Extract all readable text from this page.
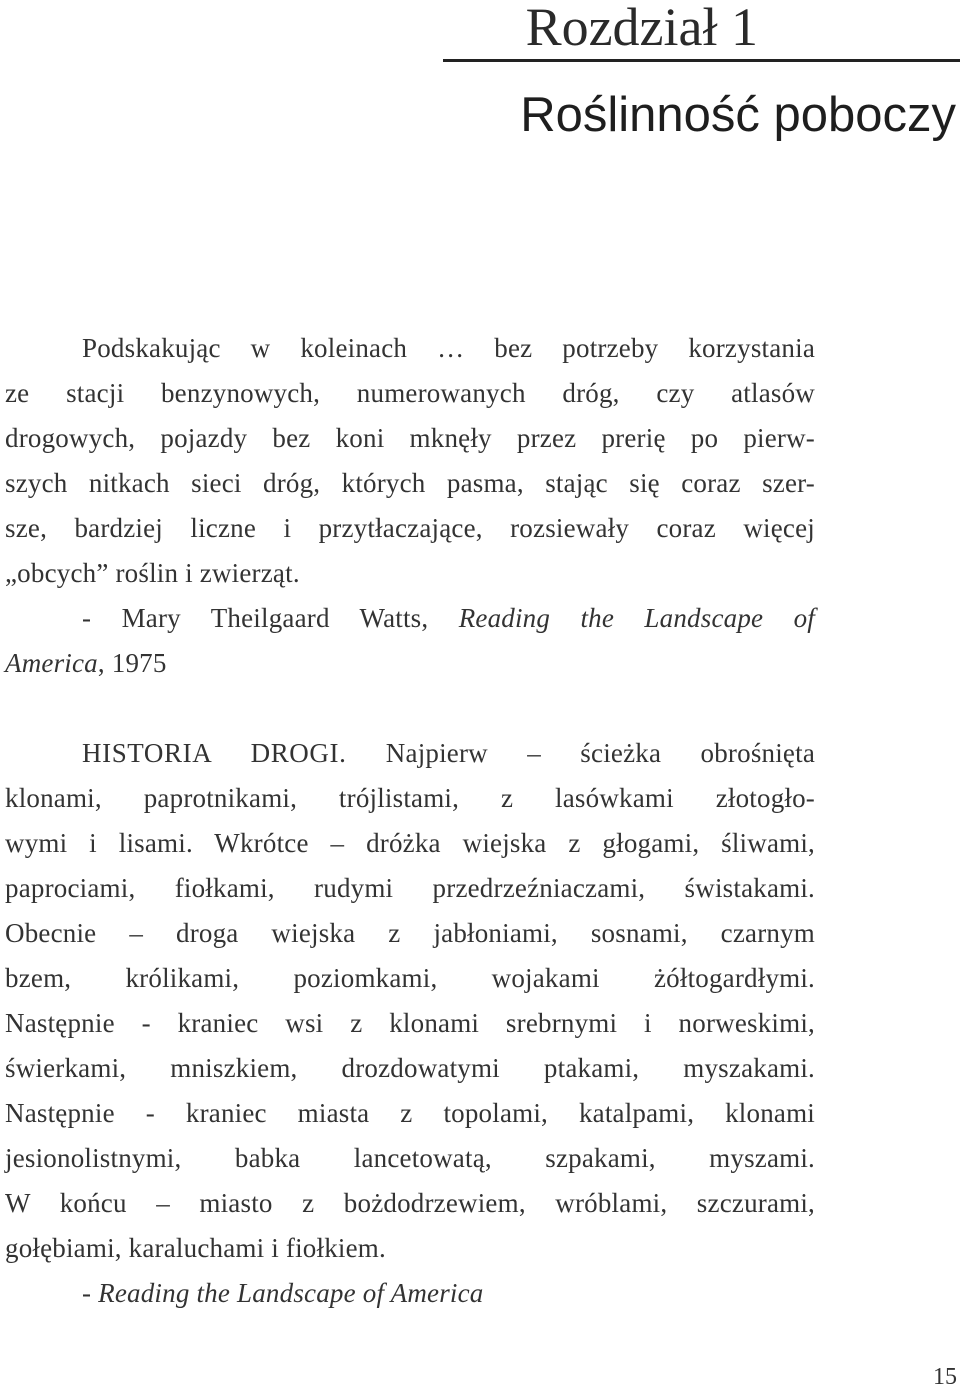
Rozdział 1
Roślinność poboczy
Podskakując w koleinach … bez potrzeby korzystania
ze stacji benzynowych, numerowanych dróg, czy atlasów
drogowych, pojazdy bez koni mknęły przez prerię po pierw-
szych nitkach sieci dróg, których pasma, stając się coraz szer-
sze, bardziej liczne i przytłaczające, rozsiewały coraz więcej
„obcych” roślin i zwierząt.
- Mary Theilgaard Watts, Reading the Landscape of
America, 1975
HISTORIA DROGI. Najpierw – ścieżka obrośnięta
klonami, paprotnikami, trójlistami, z lasówkami złotogło-
wymi i lisami. Wkrótce – dróżka wiejska z głogami, śliwami,
paprociami, fiołkami, rudymi przedrzeźniaczami, świstakami.
Obecnie – droga wiejska z jabłoniami, sosnami, czarnym
bzem, królikami, poziomkami, wojakami żółtogardłymi.
Następnie - kraniec wsi z klonami srebrnymi i norweskimi,
świerkami, mniszkiem, drozdowatymi ptakami, myszakami.
Następnie - kraniec miasta z topolami, katalpami, klonami
jesionolistnymi, babka lancetowatą, szpakami, myszami.
W końcu – miasto z bożdodrzewiem, wróblami, szczurami,
gołębiami, karaluchami i fiołkiem.
- Reading the Landscape of America
15
